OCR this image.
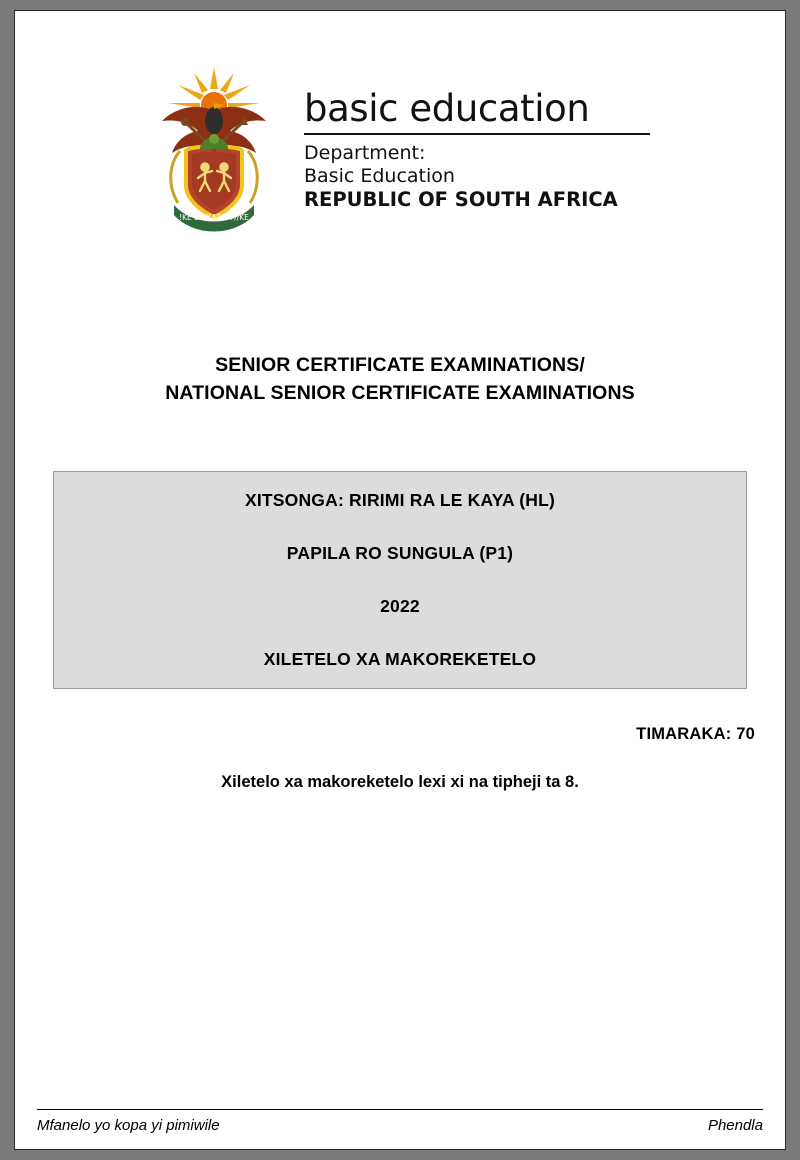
!KE E: /XARRA //KE
basic education
Department:
Basic Education
REPUBLIC OF SOUTH AFRICA
SENIOR CERTIFICATE EXAMINATIONS/
NATIONAL SENIOR CERTIFICATE EXAMINATIONS
XITSONGA: RIRIMI RA LE KAYA (HL)
PAPILA RO SUNGULA (P1)
2022
XILETELO XA MAKOREKETELO
TIMARAKA: 70
Xiletelo xa makoreketelo lexi xi na tipheji ta 8.
Mfanelo yo kopa yi pimiwile	Phendla
